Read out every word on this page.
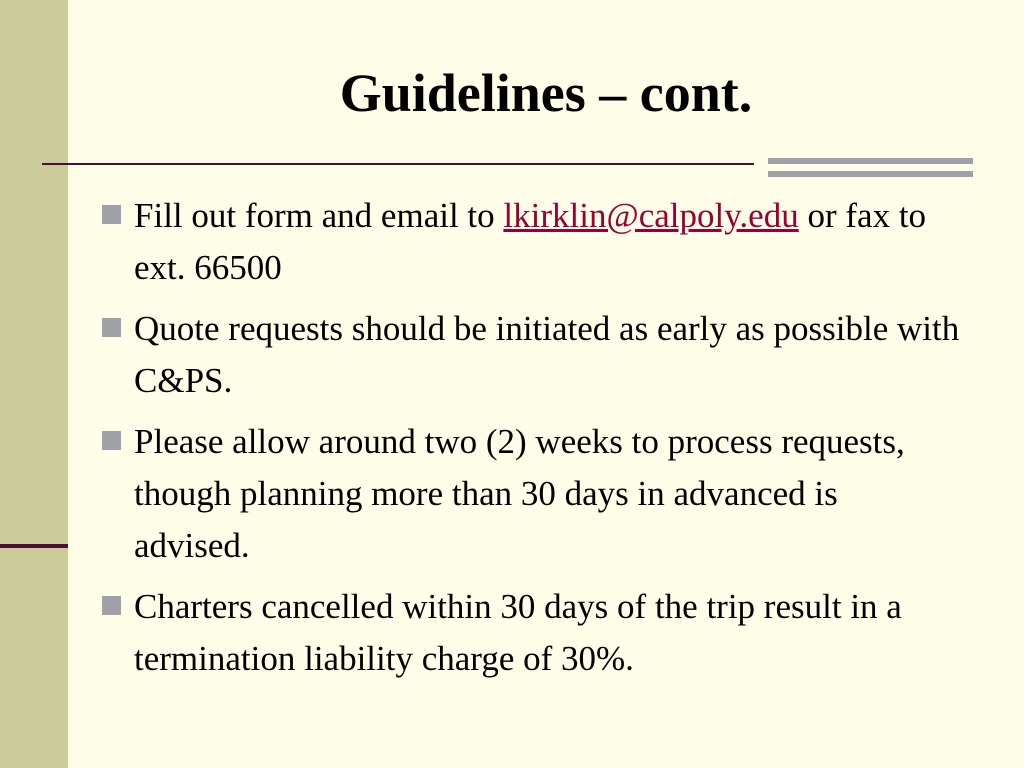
Guidelines – cont.
Fill out form and email to lkirklin@calpoly.edu or fax to ext. 66500
Quote requests should be initiated as early as possible with C&PS.
Please allow around two (2) weeks to process requests, though planning more than 30 days in advanced is advised.
Charters cancelled within 30 days of the trip result in a termination liability charge of 30%.
